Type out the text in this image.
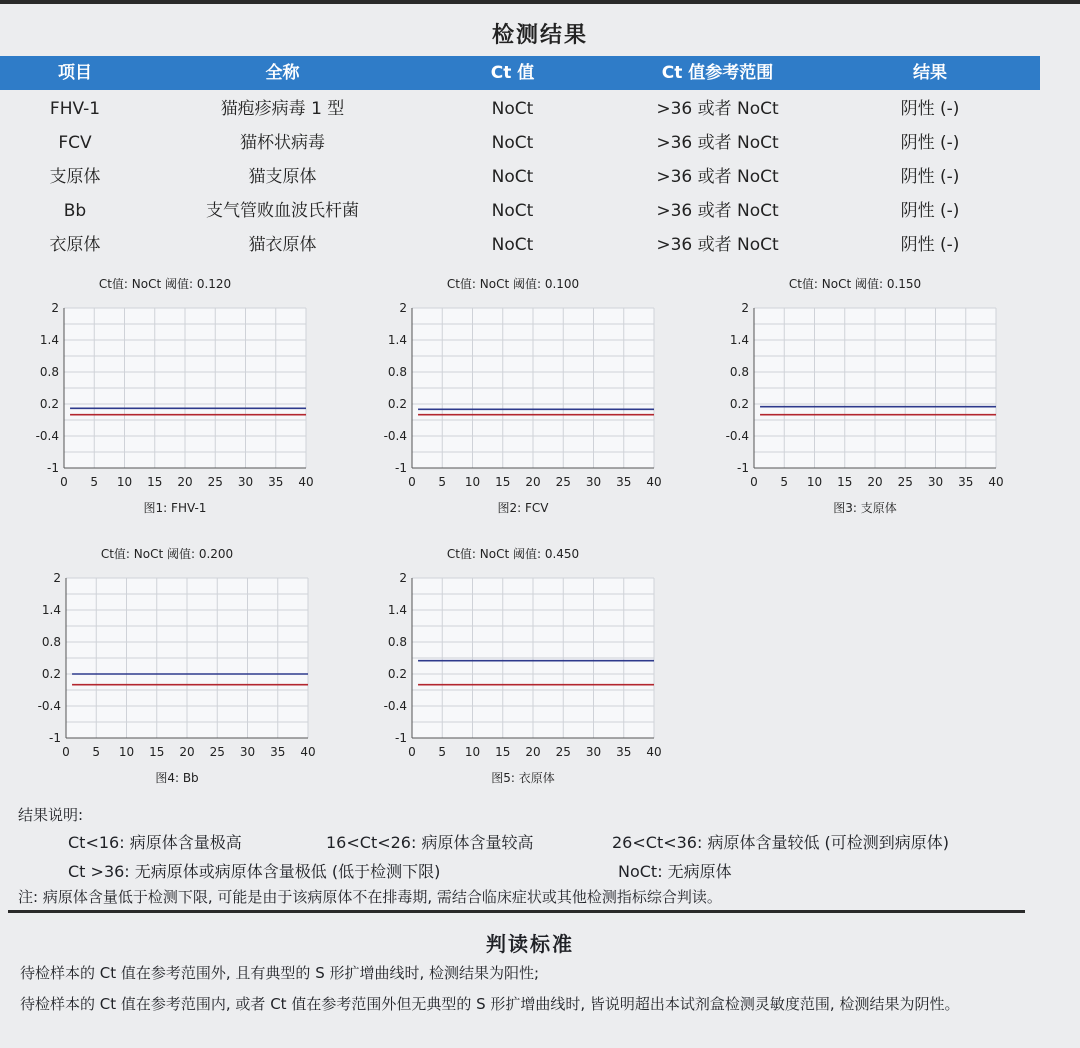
检测结果
项目	全称	Ct 值	Ct 值参考范围	结果
FHV-1	猫疱疹病毒 1 型	NoCt	>36 或者 NoCt	阴性 (-)
FCV	猫杯状病毒	NoCt	>36 或者 NoCt	阴性 (-)
支原体	猫支原体	NoCt	>36 或者 NoCt	阴性 (-)
Bb	支气管败血波氏杆菌	NoCt	>36 或者 NoCt	阴性 (-)
衣原体	猫衣原体	NoCt	>36 或者 NoCt	阴性 (-)
Ct值: NoCt 阈值: 0.120
-1
-0.4
0.2
0.8
1.4
2
0 5 10 15 20 25 30 35 40
图1: FHV-1
Ct值: NoCt 阈值: 0.100
-1
-0.4
0.2
0.8
1.4
2
0 5 10 15 20 25 30 35 40
图2: FCV
Ct值: NoCt 阈值: 0.150
-1
-0.4
0.2
0.8
1.4
2
0 5 10 15 20 25 30 35 40
图3: 支原体
Ct值: NoCt 阈值: 0.200
-1
-0.4
0.2
0.8
1.4
2
0 5 10 15 20 25 30 35 40
图4: Bb
Ct值: NoCt 阈值: 0.450
-1
-0.4
0.2
0.8
1.4
2
0 5 10 15 20 25 30 35 40
图5: 衣原体
结果说明:
Ct<16: 病原体含量极高	16<Ct<26: 病原体含量较高	26<Ct<36: 病原体含量较低 (可检测到病原体)
Ct >36: 无病原体或病原体含量极低 (低于检测下限)	NoCt: 无病原体
注: 病原体含量低于检测下限, 可能是由于该病原体不在排毒期, 需结合临床症状或其他检测指标综合判读。
判读标准
待检样本的 Ct 值在参考范围外, 且有典型的 S 形扩增曲线时, 检测结果为阳性;
待检样本的 Ct 值在参考范围内, 或者 Ct 值在参考范围外但无典型的 S 形扩增曲线时, 皆说明超出本试剂盒检测灵敏度范围, 检测结果为阴性。
